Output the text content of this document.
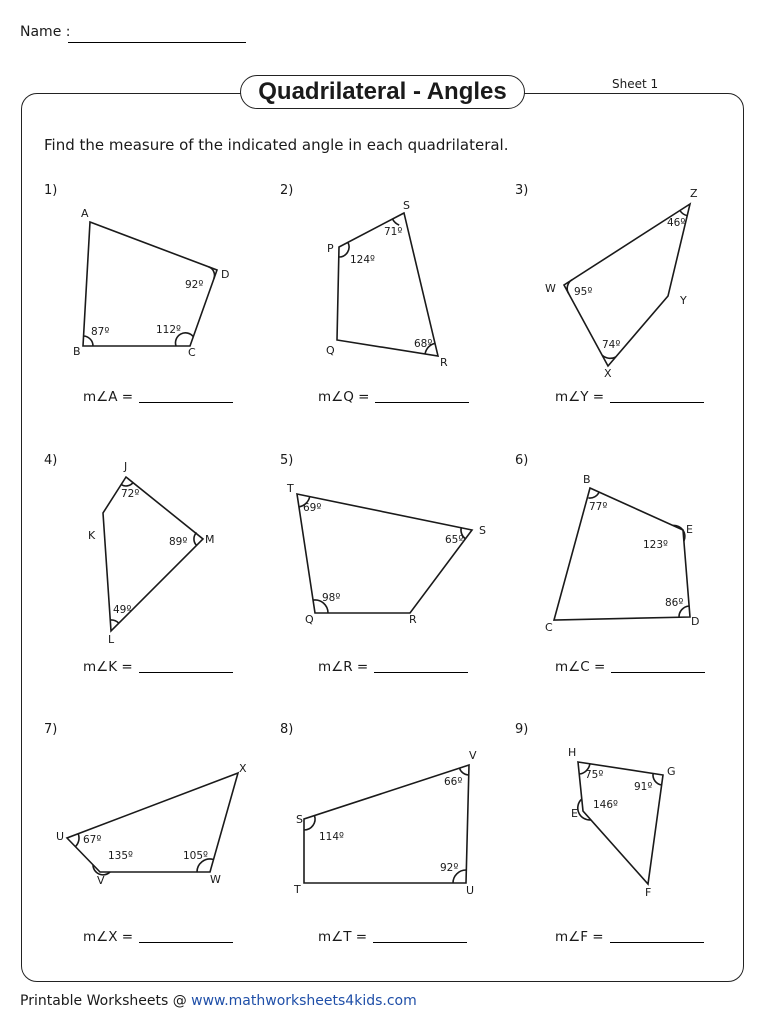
Name :
Quadrilateral - Angles	Sheet 1
Find the measure of the indicated angle in each quadrilateral.
1)	2)	3)
4)	5)	6)
7)	8)	9)
m∠A =	m∠Q =	m∠Y =
m∠K =	m∠R =	m∠C =
m∠X =	m∠T =	m∠F =
A
D
B	C
92º
87º	112º
S
P
Q
R
71º
124º
68º
Z
W
Y
X
46º
95º
74º
J
K	M
L
72º
89º
49º
T
S
Q	R
69º
65º
98º
B
E
C	D
77º
123º
86º
X
U
V	W
67º
135º	105º
V
S
T	U
66º
114º
92º
H
G
E
F
75º
91º
146º
Printable Worksheets @ www.mathworksheets4kids.com
